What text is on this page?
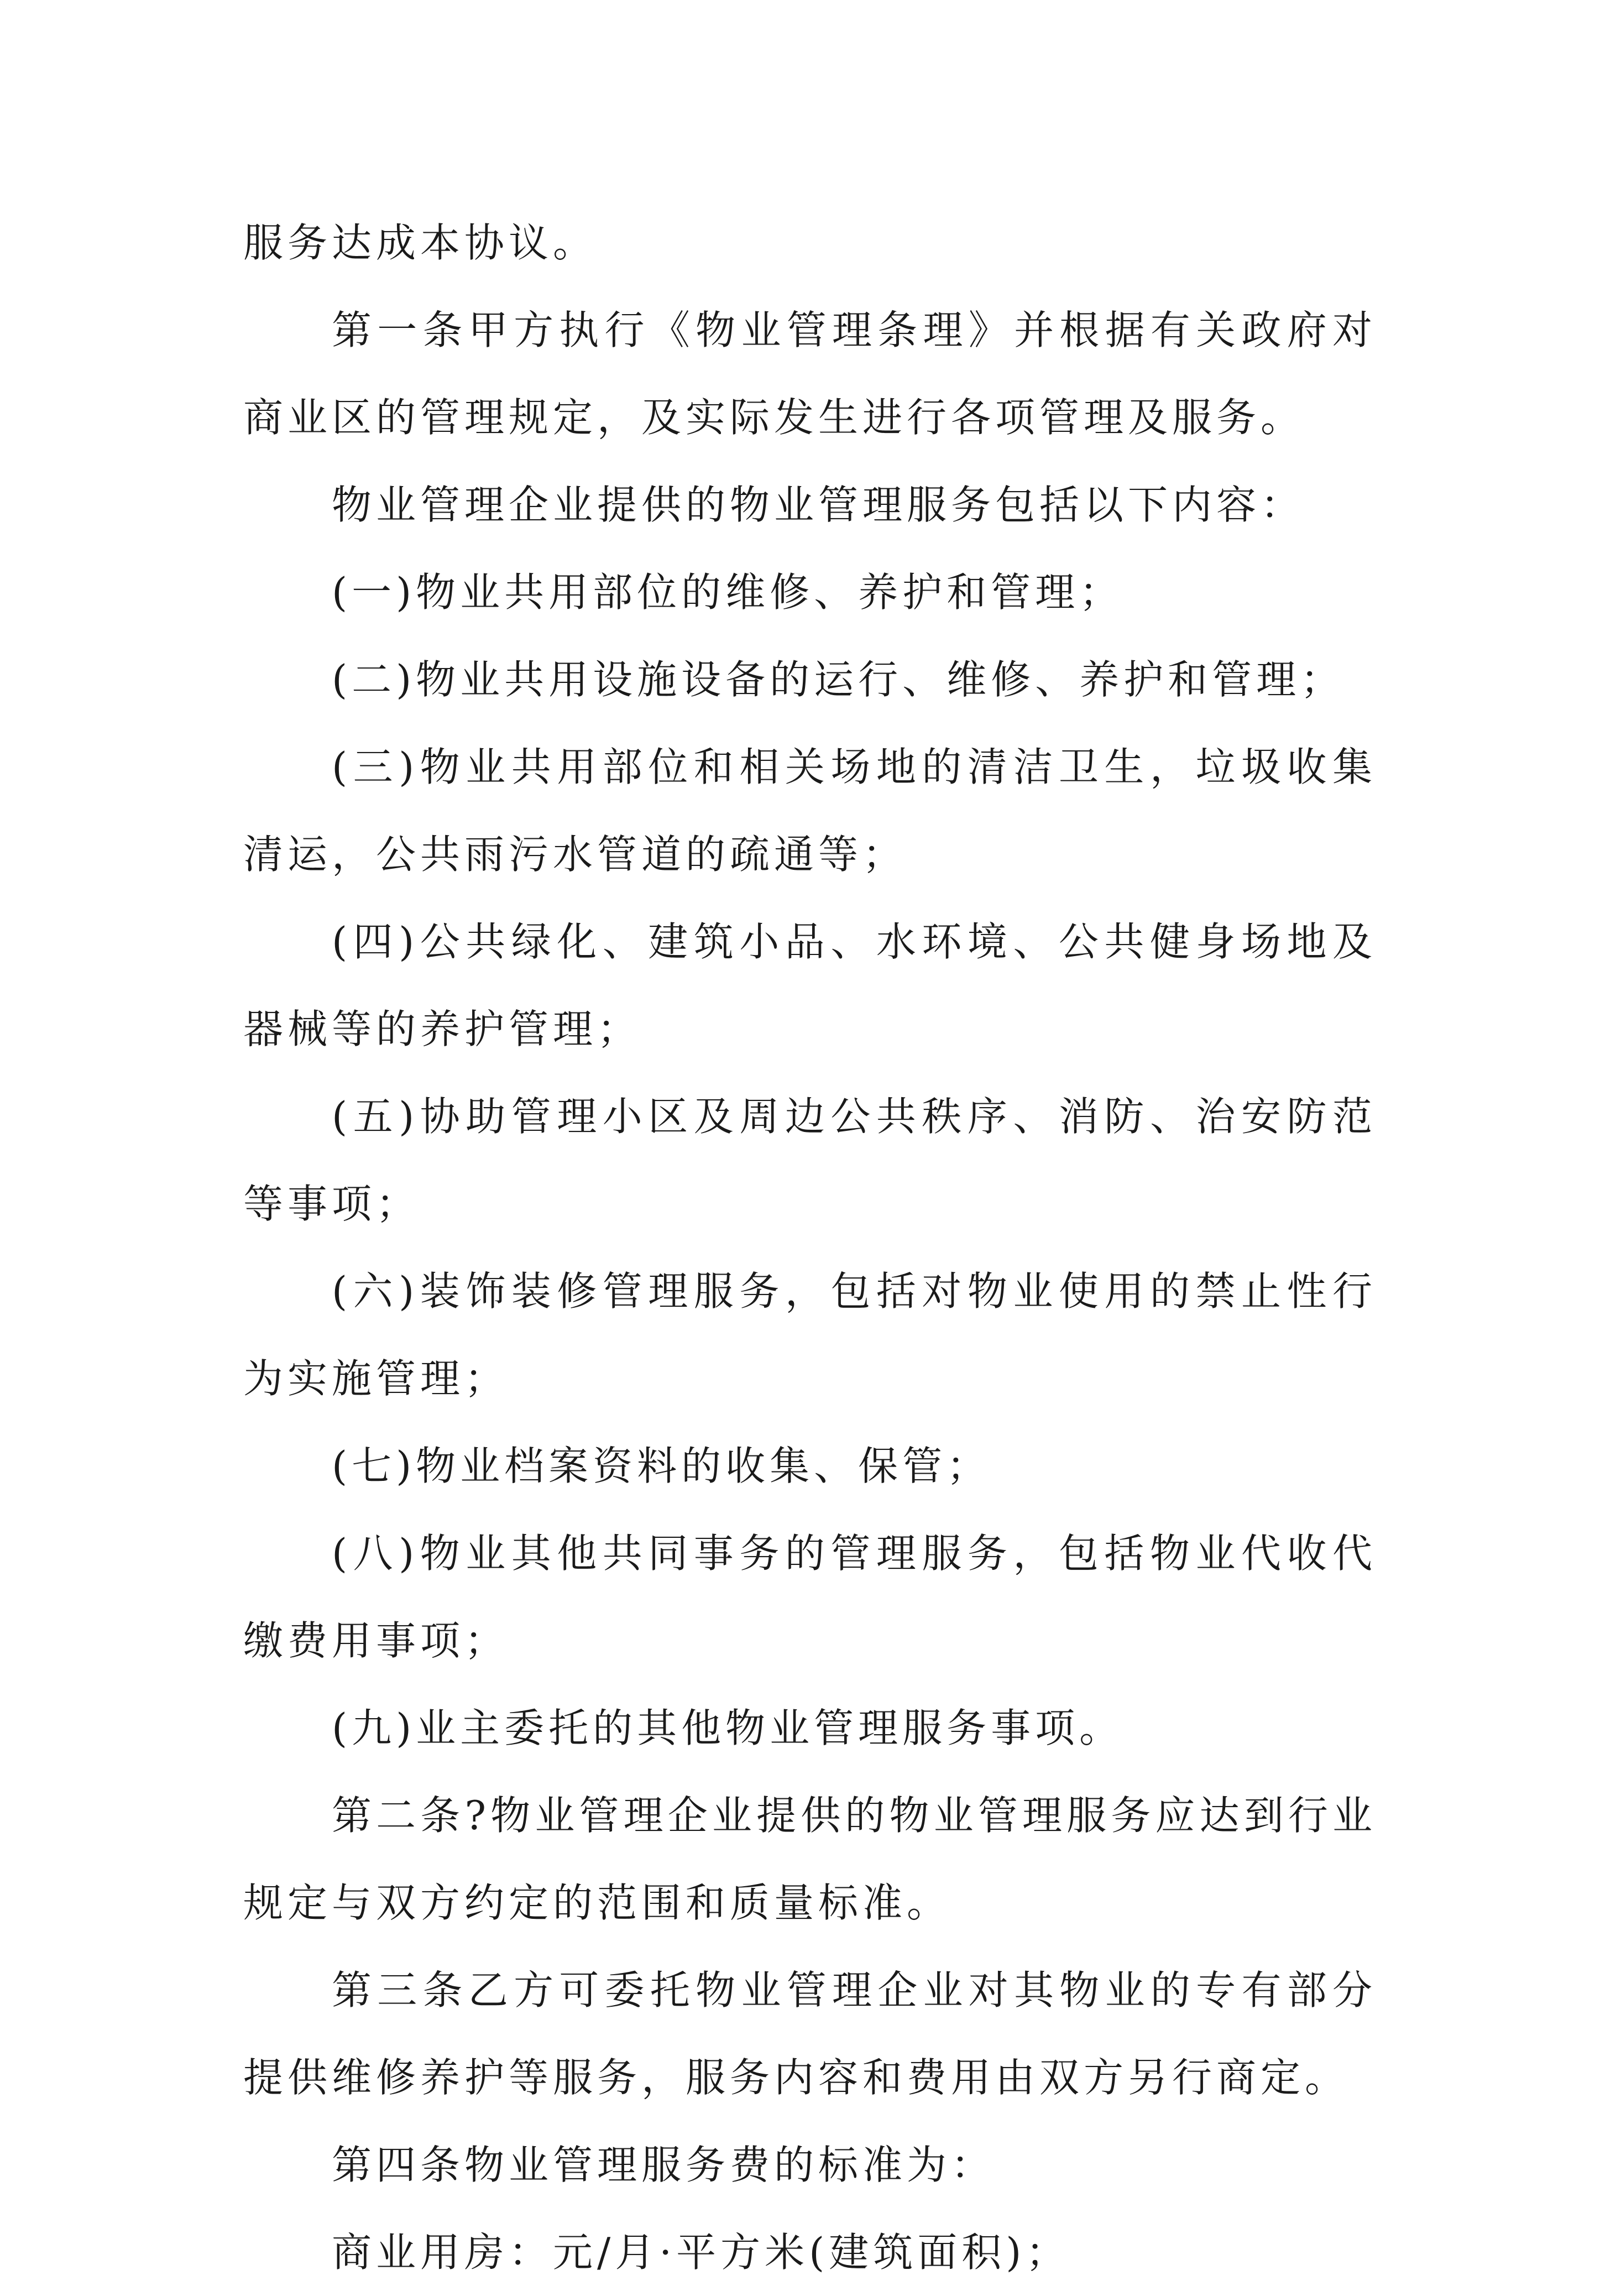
服务达成本协议。

第一条甲方执行《物业管理条理》并根据有关政府对商业区的管理规定，及实际发生进行各项管理及服务。

物业管理企业提供的物业管理服务包括以下内容：

(一)物业共用部位的维修、养护和管理；

(二)物业共用设施设备的运行、维修、养护和管理；

(三)物业共用部位和相关场地的清洁卫生，垃圾收集清运，公共雨污水管道的疏通等；

(四)公共绿化、建筑小品、水环境、公共健身场地及器械等的养护管理；

(五)协助管理小区及周边公共秩序、消防、治安防范等事项；

(六)装饰装修管理服务，包括对物业使用的禁止性行为实施管理；

(七)物业档案资料的收集、保管；

(八)物业其他共同事务的管理服务，包括物业代收代缴费用事项；

(九)业主委托的其他物业管理服务事项。

第二条?物业管理企业提供的物业管理服务应达到行业规定与双方约定的范围和质量标准。

第三条乙方可委托物业管理企业对其物业的专有部分提供维修养护等服务，服务内容和费用由双方另行商定。

第四条物业管理服务费的标准为：

商业用房：元/月·平方米(建筑面积)；
